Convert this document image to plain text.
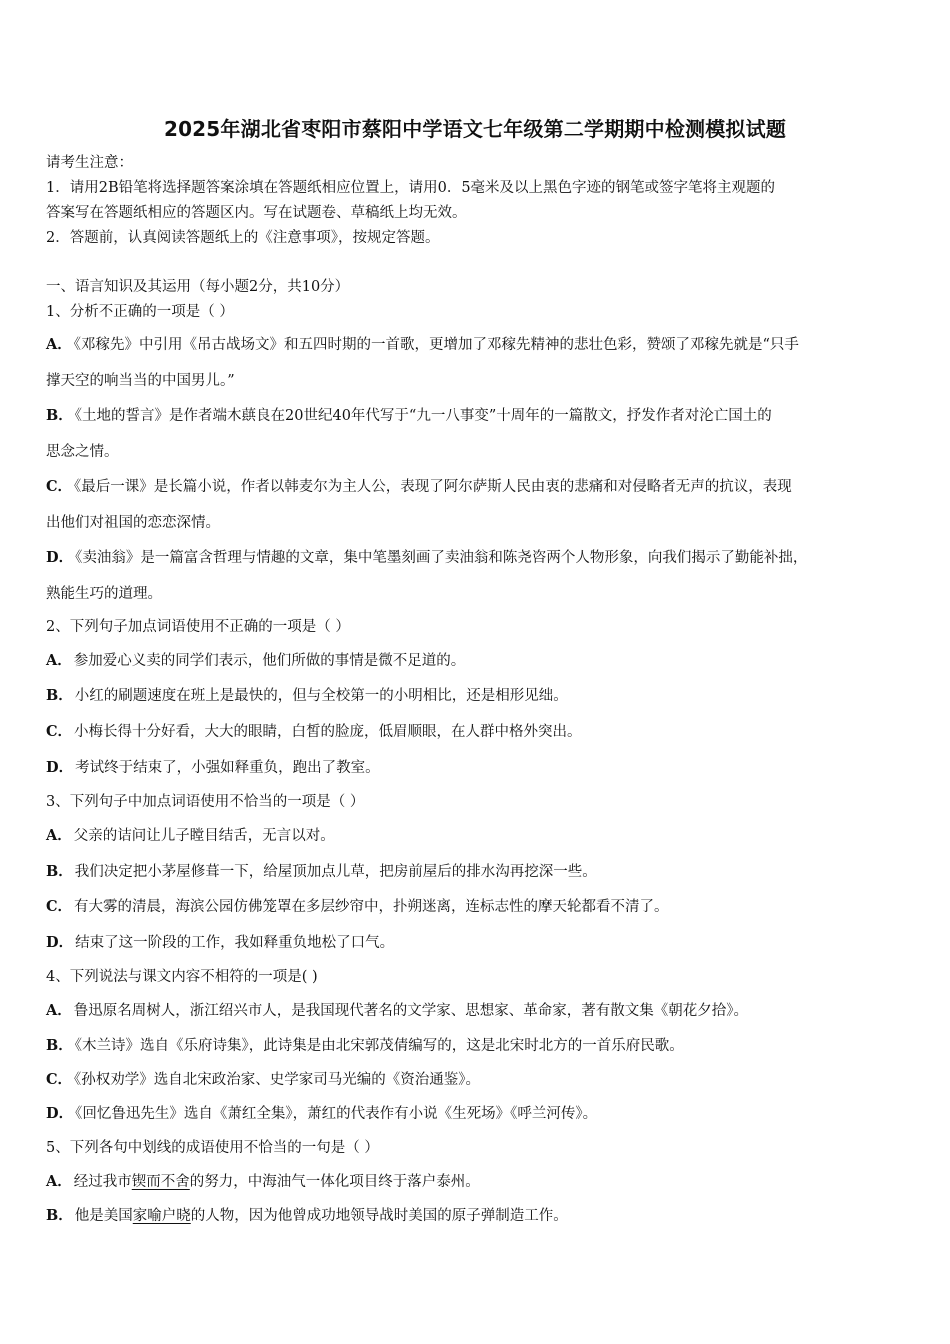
2025年湖北省枣阳市蔡阳中学语文七年级第二学期期中检测模拟试题
请考生注意：
1．请用2B铅笔将选择题答案涂填在答题纸相应位置上，请用0．5毫米及以上黑色字迹的钢笔或签字笔将主观题的
答案写在答题纸相应的答题区内。写在试题卷、草稿纸上均无效。
2．答题前，认真阅读答题纸上的《注意事项》，按规定答题。
一、语言知识及其运用（每小题2分，共10分）
1、分析不正确的一项是（ ）
A． 《邓稼先》中引用《吊古战场文》和五四时期的一首歌，更增加了邓稼先精神的悲壮色彩，赞颂了邓稼先就是“只手
撑天空的响当当的中国男儿。”
B． 《土地的誓言》是作者端木蕻良在20世纪40年代写于“九一八事变”十周年的一篇散文，抒发作者对沦亡国土的
思念之情。
C． 《最后一课》是长篇小说，作者以韩麦尔为主人公，表现了阿尔萨斯人民由衷的悲痛和对侵略者无声的抗议，表现
出他们对祖国的恋恋深情。
D． 《卖油翁》是一篇富含哲理与情趣的文章，集中笔墨刻画了卖油翁和陈尧咨两个人物形象，向我们揭示了勤能补拙，
熟能生巧的道理。
2、下列句子加点词语使用不正确的一项是（ ）
A． 参加爱心义卖的同学们表示，他们所做的事情是微不足道的。
B． 小红的刷题速度在班上是最快的，但与全校第一的小明相比，还是相形见绌。
C． 小梅长得十分好看，大大的眼睛，白皙的脸庞，低眉顺眼，在人群中格外突出。
D． 考试终于结束了，小强如释重负，跑出了教室。
3、下列句子中加点词语使用不恰当的一项是（ ）
A． 父亲的诘问让儿子瞠目结舌，无言以对。
B． 我们决定把小茅屋修葺一下，给屋顶加点儿草，把房前屋后的排水沟再挖深一些。
C． 有大雾的清晨，海滨公园仿佛笼罩在多层纱帘中，扑朔迷离，连标志性的摩天轮都看不清了。
D． 结束了这一阶段的工作，我如释重负地松了口气。
4、下列说法与课文内容不相符的一项是( )
A． 鲁迅原名周树人，浙江绍兴市人，是我国现代著名的文学家、思想家、革命家，著有散文集《朝花夕拾》。
B． 《木兰诗》选自《乐府诗集》，此诗集是由北宋郭茂倩编写的，这是北宋时北方的一首乐府民歌。
C． 《孙权劝学》选自北宋政治家、史学家司马光编的《资治通鉴》。
D． 《回忆鲁迅先生》选自《萧红全集》，萧红的代表作有小说《生死场》《呼兰河传》。
5、下列各句中划线的成语使用不恰当的一句是（ ）
A． 经过我市锲而不舍的努力，中海油气一体化项目终于落户泰州。
B． 他是美国家喻户晓的人物，因为他曾成功地领导战时美国的原子弹制造工作。
